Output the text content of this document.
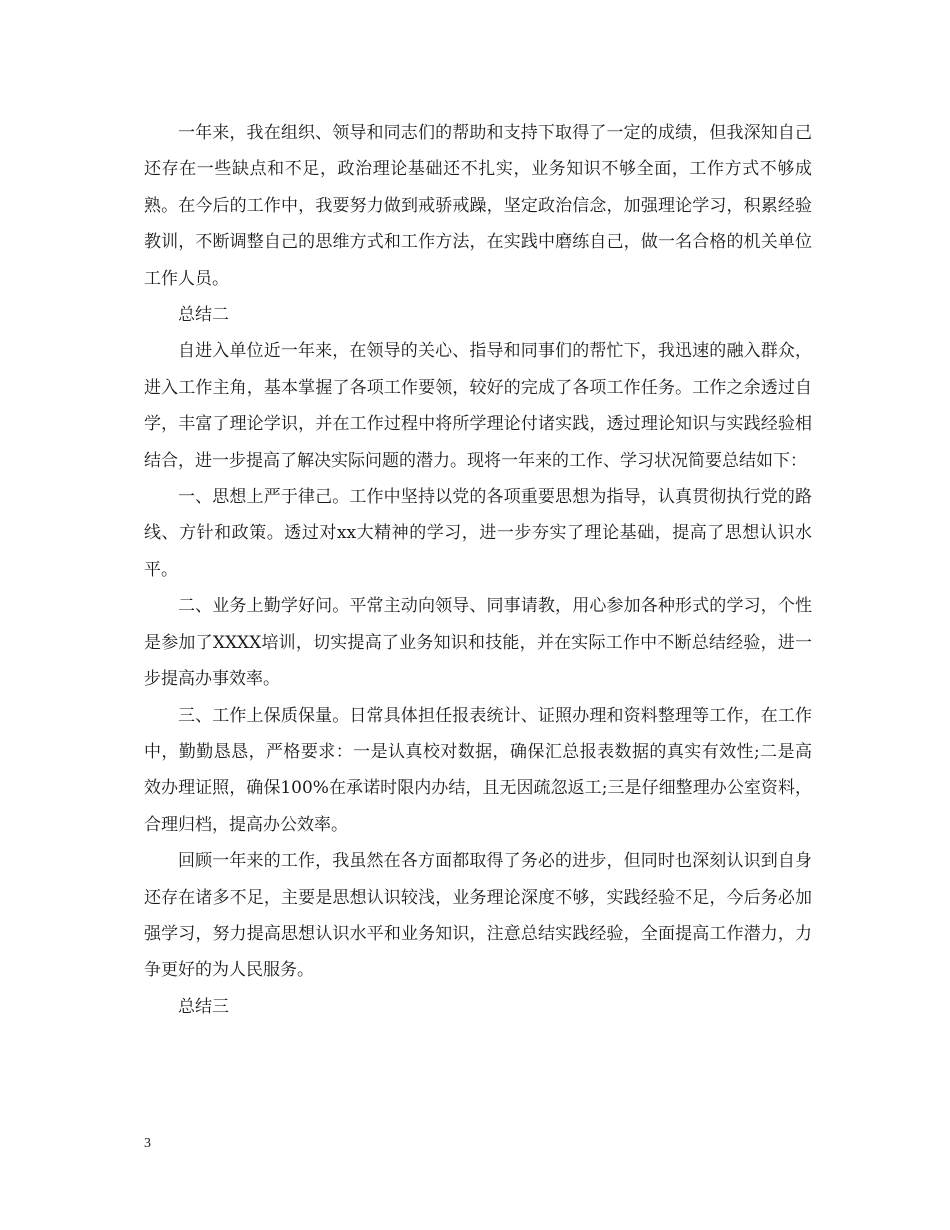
一年来，我在组织、领导和同志们的帮助和支持下取得了一定的成绩，但我深知自己还存在一些缺点和不足，政治理论基础还不扎实，业务知识不够全面，工作方式不够成熟。在今后的工作中，我要努力做到戒骄戒躁，坚定政治信念，加强理论学习，积累经验教训，不断调整自己的思维方式和工作方法，在实践中磨练自己，做一名合格的机关单位工作人员。

总结二

自进入单位近一年来，在领导的关心、指导和同事们的帮忙下，我迅速的融入群众，进入工作主角，基本掌握了各项工作要领，较好的完成了各项工作任务。工作之余透过自学，丰富了理论学识，并在工作过程中将所学理论付诸实践，透过理论知识与实践经验相结合，进一步提高了解决实际问题的潜力。现将一年来的工作、学习状况简要总结如下：

一、思想上严于律己。工作中坚持以党的各项重要思想为指导，认真贯彻执行党的路线、方针和政策。透过对xx大精神的学习，进一步夯实了理论基础，提高了思想认识水平。

二、业务上勤学好问。平常主动向领导、同事请教，用心参加各种形式的学习，个性是参加了XXXX培训，切实提高了业务知识和技能，并在实际工作中不断总结经验，进一步提高办事效率。

三、工作上保质保量。日常具体担任报表统计、证照办理和资料整理等工作，在工作中，勤勤恳恳，严格要求：一是认真校对数据，确保汇总报表数据的真实有效性;二是高效办理证照，确保100%在承诺时限内办结，且无因疏忽返工;三是仔细整理办公室资料，合理归档，提高办公效率。

回顾一年来的工作，我虽然在各方面都取得了务必的进步，但同时也深刻认识到自身还存在诸多不足，主要是思想认识较浅，业务理论深度不够，实践经验不足，今后务必加强学习，努力提高思想认识水平和业务知识，注意总结实践经验，全面提高工作潜力，力争更好的为人民服务。

总结三

3
